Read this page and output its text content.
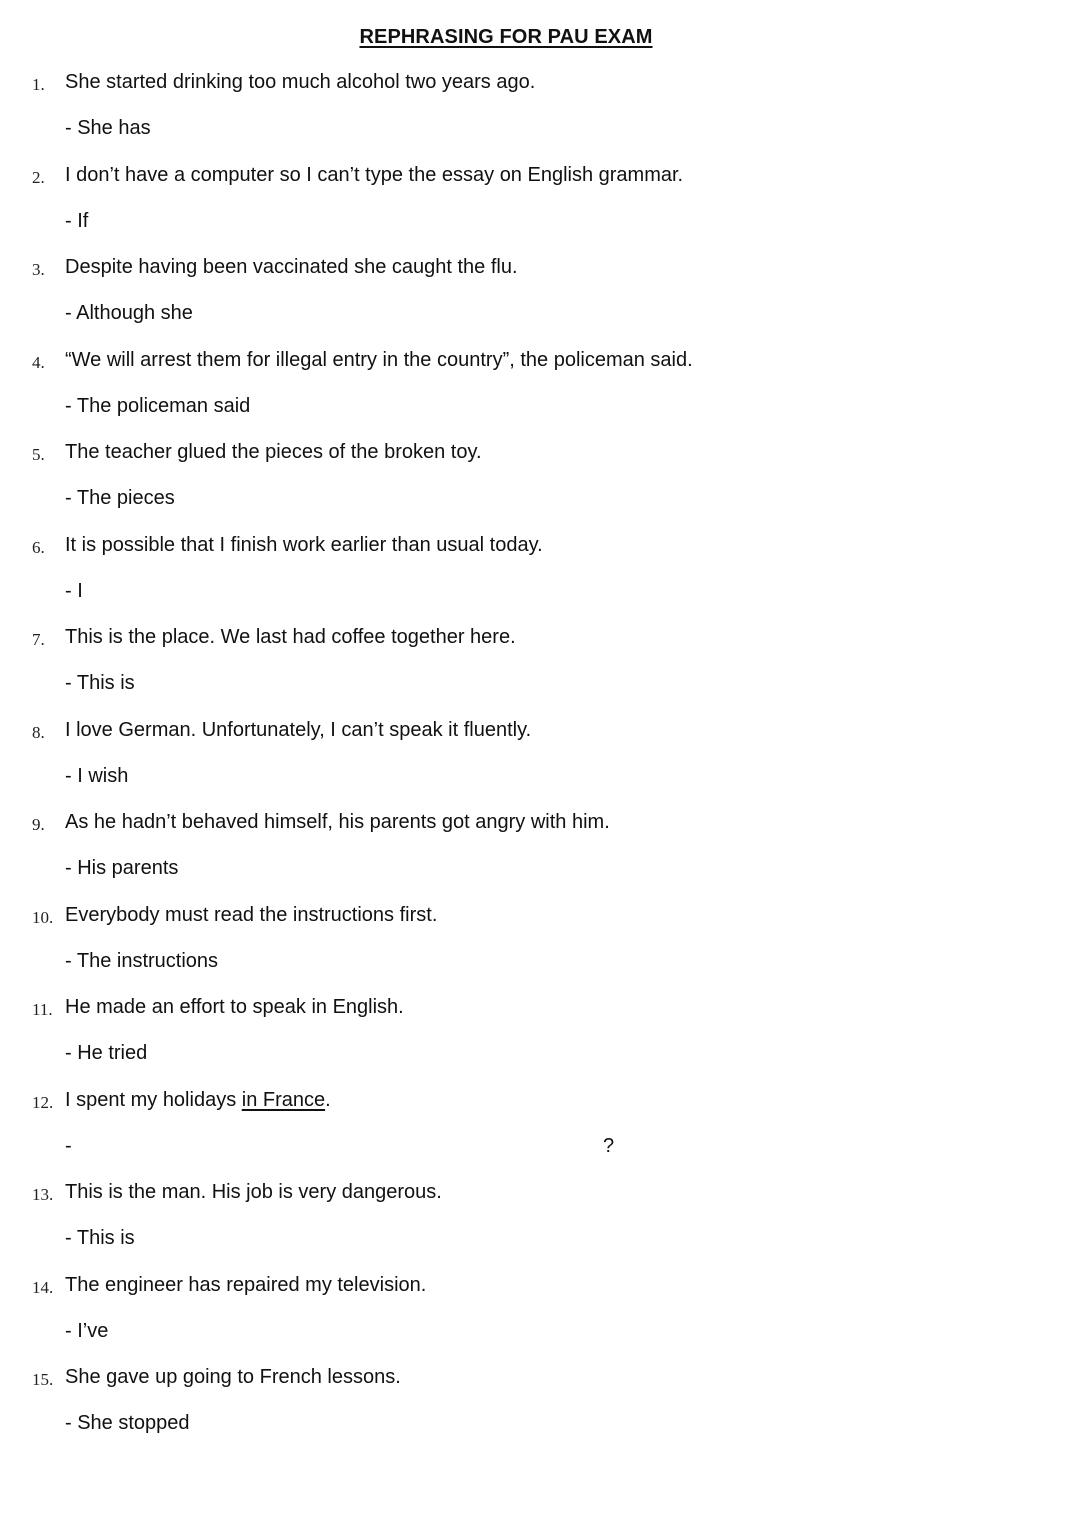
REPHRASING FOR PAU EXAM
1. She started drinking too much alcohol two years ago.
- She has
2. I don’t have a computer so I can’t type the essay on English grammar.
- If
3. Despite having been vaccinated she caught the flu.
- Although she
4. “We will arrest them for illegal entry in the country”, the policeman said.
- The policeman said
5. The teacher glued the pieces of the broken toy.
- The pieces
6. It is possible that I finish work earlier than usual today.
- I
7. This is the place. We last had coffee together here.
- This is
8. I love German. Unfortunately, I can’t speak it fluently.
- I wish
9. As he hadn’t behaved himself, his parents got angry with him.
- His parents
10. Everybody must read the instructions first.
- The instructions
11. He made an effort to speak in English.
- He tried
12. I spent my holidays in France.
-	?
13. This is the man. His job is very dangerous.
- This is
14. The engineer has repaired my television.
- I’ve
15. She gave up going to French lessons.
- She stopped
